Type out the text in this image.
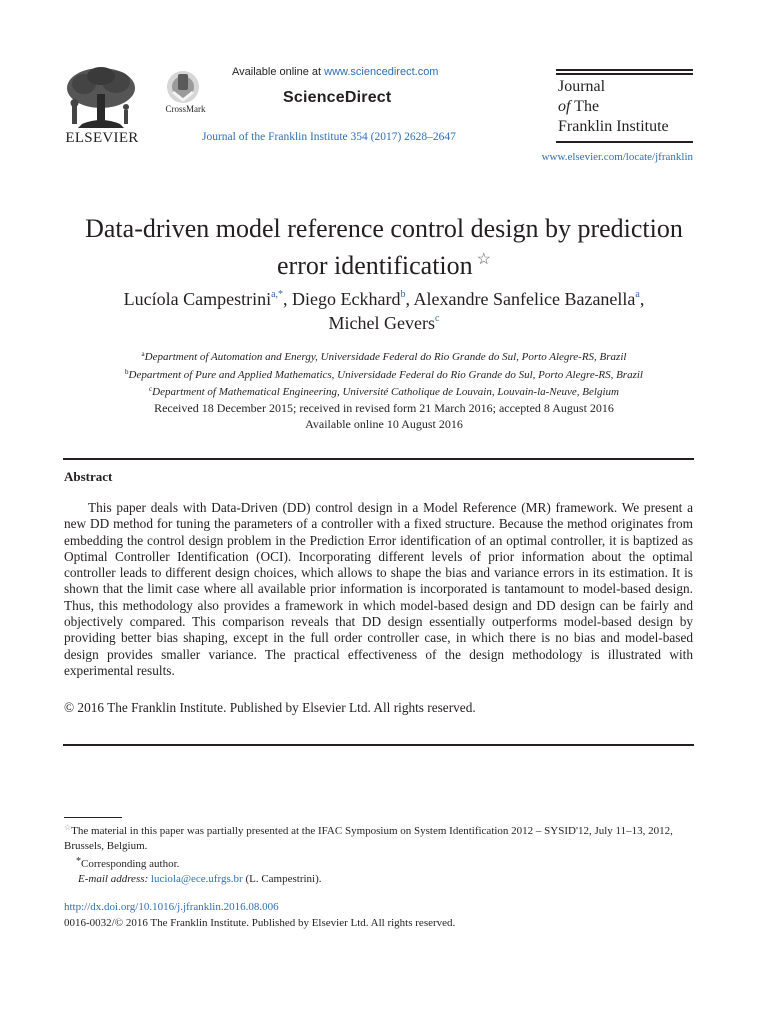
ELSEVIER
CrossMark
Available online at www.sciencedirect.com
ScienceDirect
Journal of the Franklin Institute 354 (2017) 2628–2647
Journal
of The
Franklin Institute
www.elsevier.com/locate/jfranklin
Data-driven model reference control design by prediction
error identification ☆
Lucíola Campestrini$^{a,*}$, Diego Eckhard$^b$, Alexandre Sanfelice Bazanella$^a$,
Michel Gevers$^c$
$^a$Department of Automation and Energy, Universidade Federal do Rio Grande do Sul, Porto Alegre-RS, Brazil
$^b$Department of Pure and Applied Mathematics, Universidade Federal do Rio Grande do Sul, Porto Alegre-RS, Brazil
$^c$Department of Mathematical Engineering, Université Catholique de Louvain, Louvain-la-Neuve, Belgium
Received 18 December 2015; received in revised form 21 March 2016; accepted 8 August 2016
Available online 10 August 2016
Abstract
This paper deals with Data-Driven (DD) control design in a Model Reference (MR) framework. We present a new DD method for tuning the parameters of a controller with a fixed structure. Because the method originates from embedding the control design problem in the Prediction Error identification of an optimal controller, it is baptized as Optimal Controller Identification (OCI). Incorporating different levels of prior information about the optimal controller leads to different design choices, which allows to shape the bias and variance errors in its estimation. It is shown that the limit case where all available prior information is incorporated is tantamount to model-based design. Thus, this methodology also provides a framework in which model-based design and DD design can be fairly and objectively compared. This comparison reveals that DD design essentially outperforms model-based design by providing better bias shaping, except in the full order controller case, in which there is no bias and model-based design provides smaller variance. The practical effectiveness of the design methodology is illustrated with experimental results.
© 2016 The Franklin Institute. Published by Elsevier Ltd. All rights reserved.
☆The material in this paper was partially presented at the IFAC Symposium on System Identification 2012 – SYSID'12, July 11–13, 2012, Brussels, Belgium.
*Corresponding author.
E-mail address: luciola@ece.ufrgs.br (L. Campestrini).
http://dx.doi.org/10.1016/j.jfranklin.2016.08.006
0016-0032/© 2016 The Franklin Institute. Published by Elsevier Ltd. All rights reserved.
